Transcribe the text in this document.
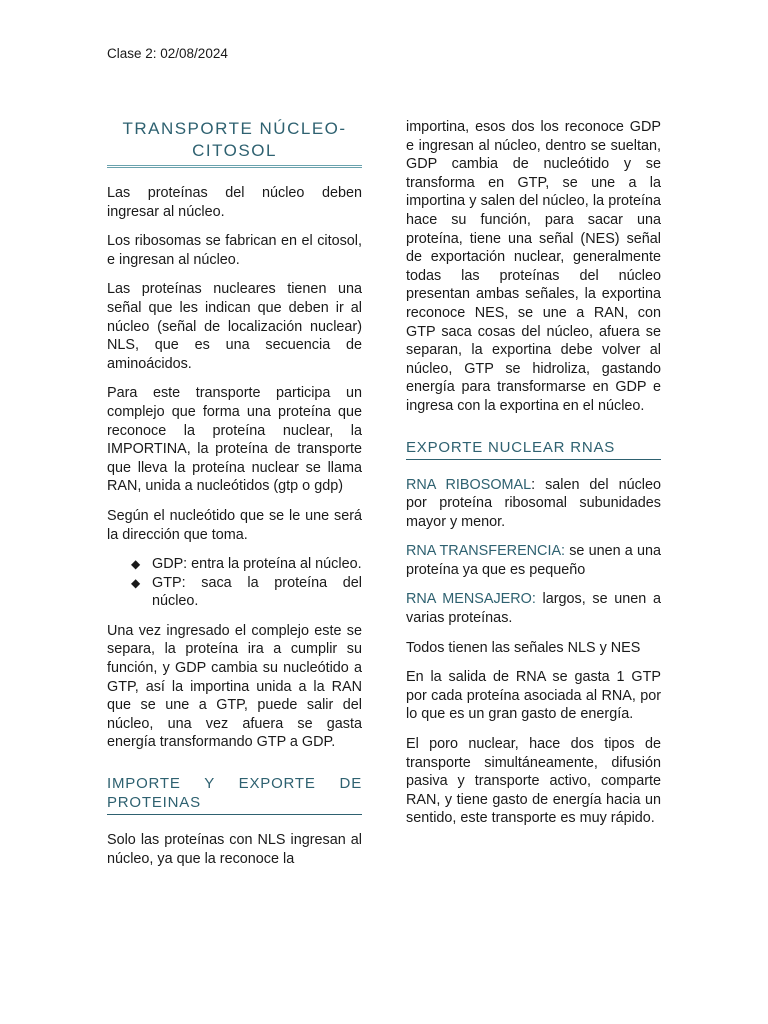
Clase 2: 02/08/2024
TRANSPORTE NÚCLEO-CITOSOL

Las proteínas del núcleo deben ingresar al núcleo.

Los ribosomas se fabrican en el citosol, e ingresan al núcleo.

Las proteínas nucleares tienen una señal que les indican que deben ir al núcleo (señal de localización nuclear) NLS, que es una secuencia de aminoácidos.

Para este transporte participa un complejo que forma una proteína que reconoce la proteína nuclear, la IMPORTINA, la proteína de transporte que lleva la proteína nuclear se llama RAN, unida a nucleótidos (gtp o gdp)

Según el nucleótido que se le une será la dirección que toma.

◆ GDP: entra la proteína al núcleo.
◆ GTP: saca la proteína del núcleo.

Una vez ingresado el complejo este se separa, la proteína ira a cumplir su función, y GDP cambia su nucleótido a GTP, así la importina unida a la RAN que se une a GTP, puede salir del núcleo, una vez afuera se gasta energía transformando GTP a GDP.

IMPORTE Y EXPORTE DE PROTEINAS

Solo las proteínas con NLS ingresan al núcleo, ya que la reconoce la

importina, esos dos los reconoce GDP e ingresan al núcleo, dentro se sueltan, GDP cambia de nucleótido y se transforma en GTP, se une a la importina y salen del núcleo, la proteína hace su función, para sacar una proteína, tiene una señal (NES) señal de exportación nuclear, generalmente todas las proteínas del núcleo presentan ambas señales, la exportina reconoce NES, se une a RAN, con GTP saca cosas del núcleo, afuera se separan, la exportina debe volver al núcleo, GTP se hidroliza, gastando energía para transformarse en GDP e ingresa con la exportina en el núcleo.

EXPORTE NUCLEAR RNAS

RNA RIBOSOMAL: salen del núcleo por proteína ribosomal subunidades mayor y menor.

RNA TRANSFERENCIA: se unen a una proteína ya que es pequeño

RNA MENSAJERO: largos, se unen a varias proteínas.

Todos tienen las señales NLS y NES

En la salida de RNA se gasta 1 GTP por cada proteína asociada al RNA, por lo que es un gran gasto de energía.

El poro nuclear, hace dos tipos de transporte simultáneamente, difusión pasiva y transporte activo, comparte RAN, y tiene gasto de energía hacia un sentido, este transporte es muy rápido.
